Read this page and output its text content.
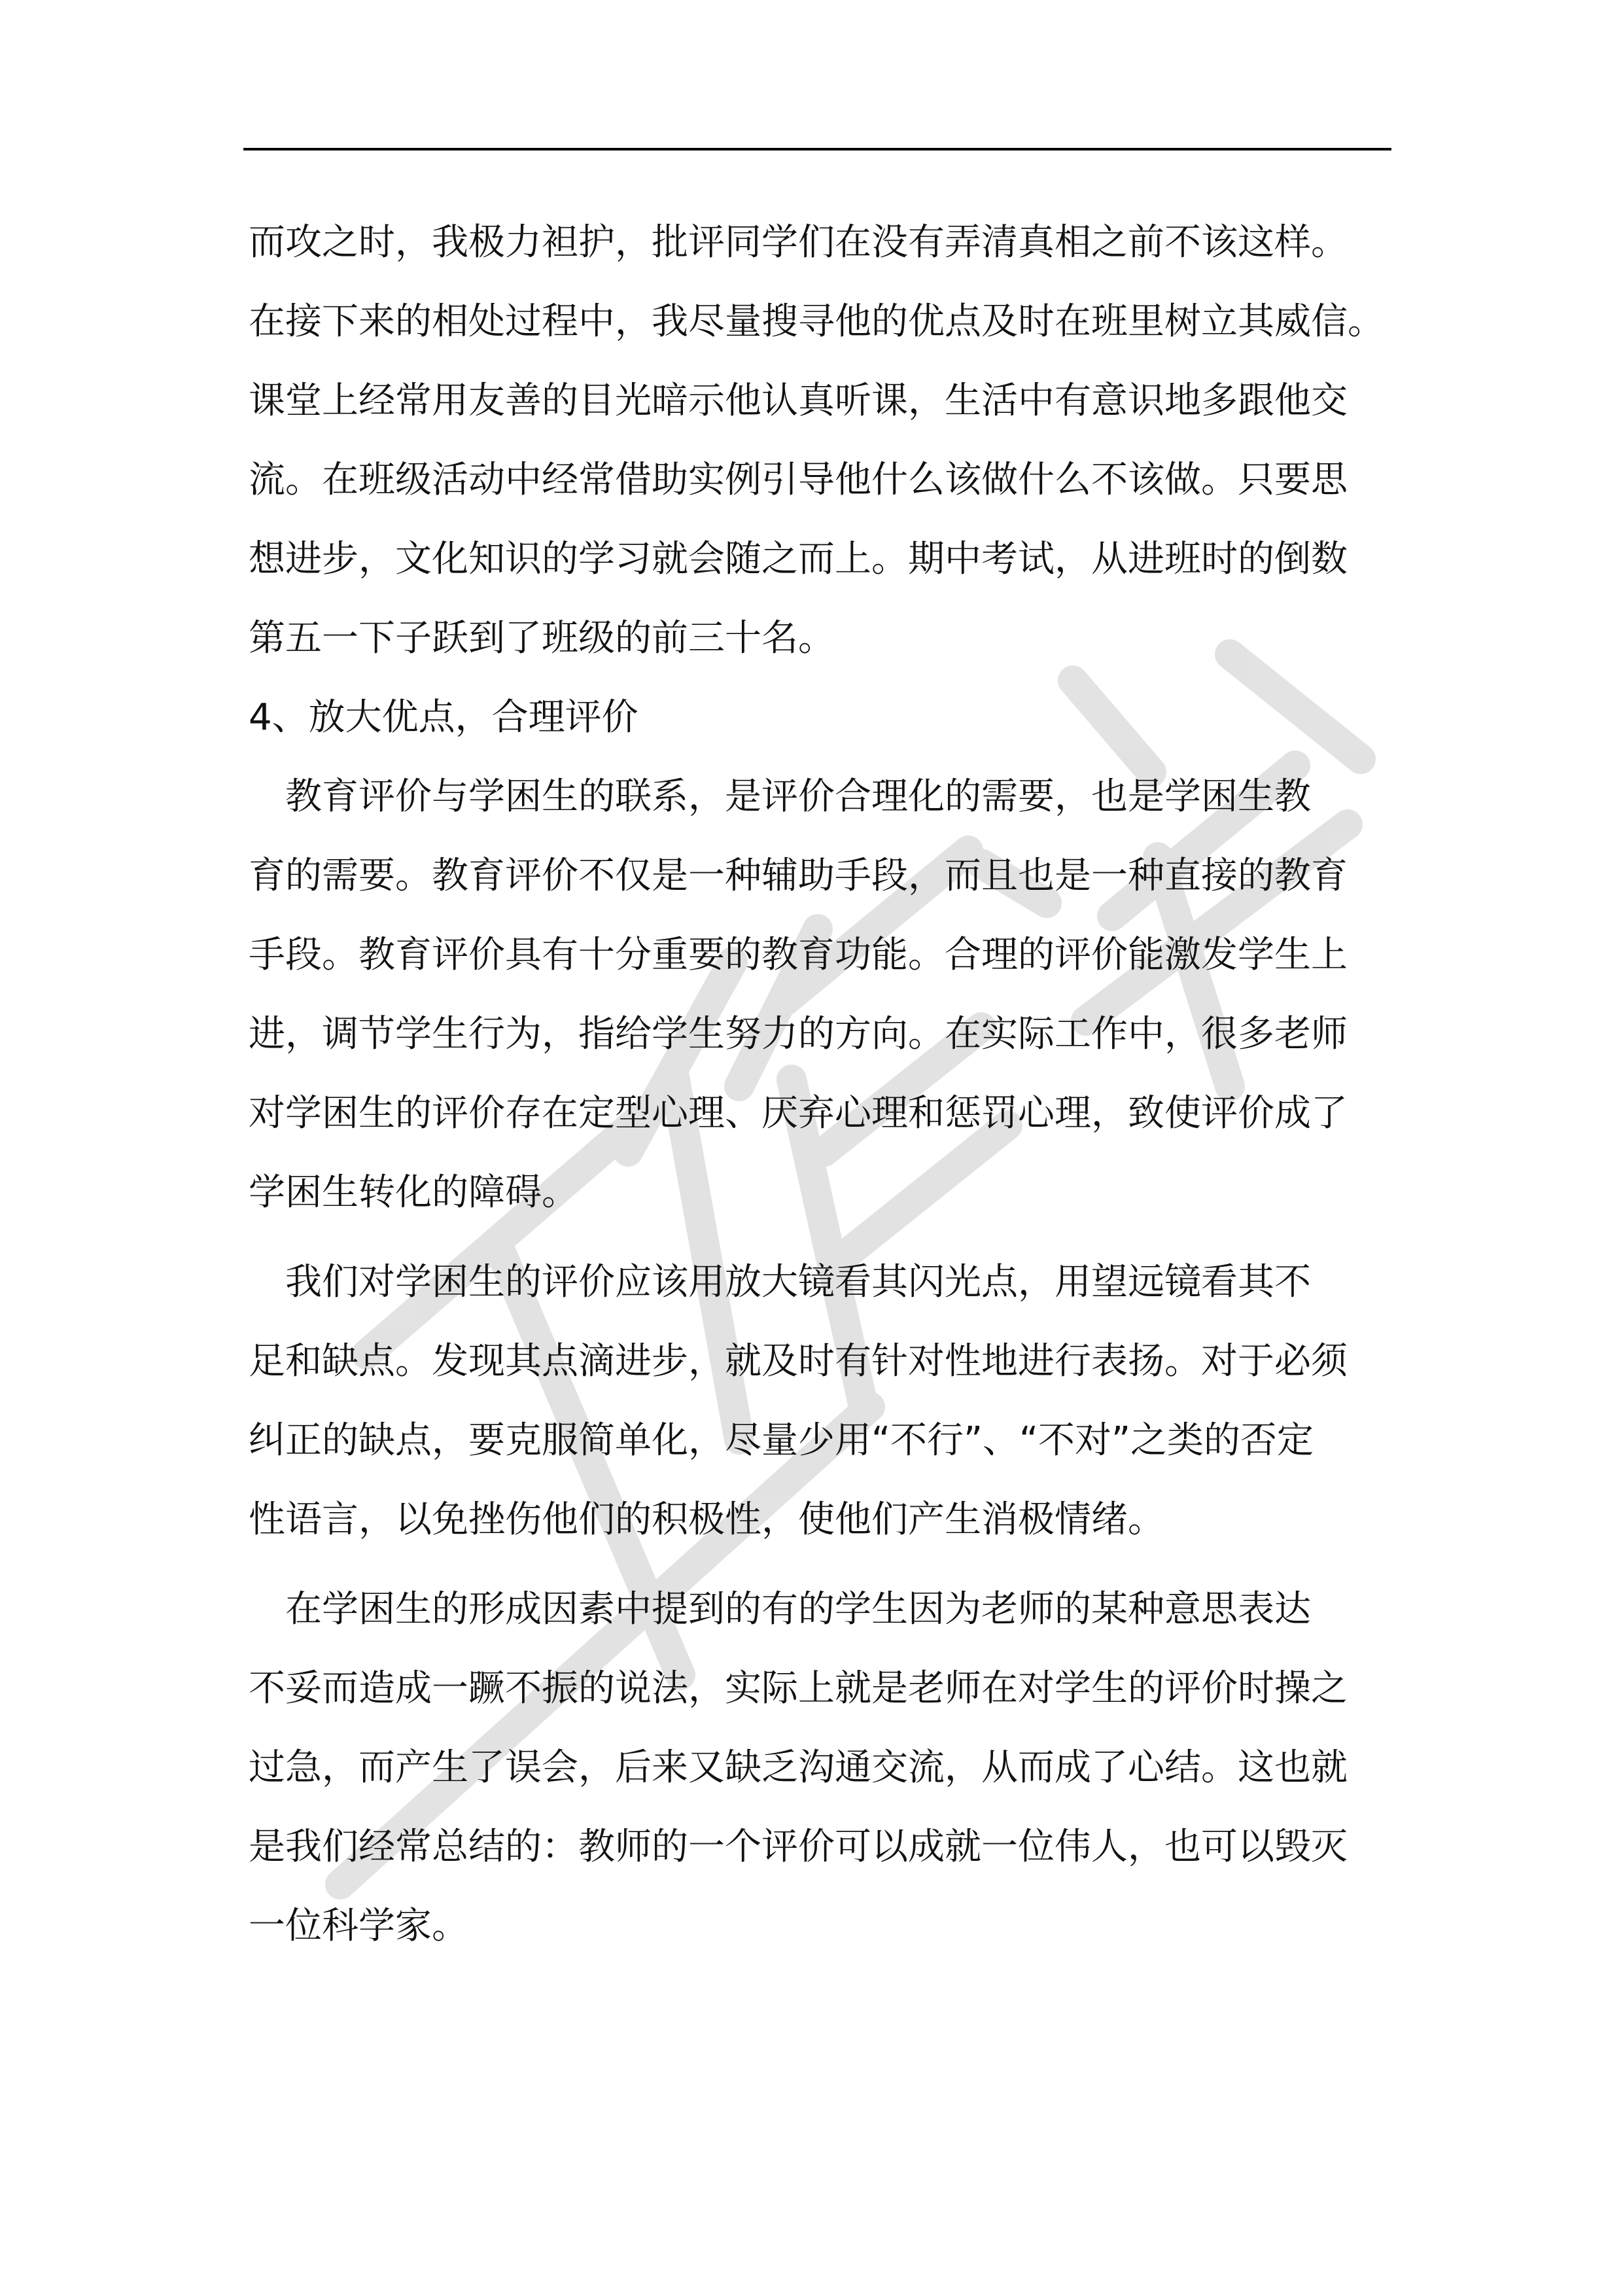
而攻之时，我极力袒护，批评同学们在没有弄清真相之前不该这样。
在接下来的相处过程中，我尽量搜寻他的优点及时在班里树立其威信。
课堂上经常用友善的目光暗示他认真听课，生活中有意识地多跟他交
流。在班级活动中经常借助实例引导他什么该做什么不该做。只要思
想进步，文化知识的学习就会随之而上。期中考试，从进班时的倒数
第五一下子跃到了班级的前三十名。
4、放大优点，合理评价
　教育评价与学困生的联系，是评价合理化的需要，也是学困生教
育的需要。教育评价不仅是一种辅助手段，而且也是一种直接的教育
手段。教育评价具有十分重要的教育功能。合理的评价能激发学生上
进，调节学生行为，指给学生努力的方向。在实际工作中，很多老师
对学困生的评价存在定型心理、厌弃心理和惩罚心理，致使评价成了
学困生转化的障碍。
　我们对学困生的评价应该用放大镜看其闪光点，用望远镜看其不
足和缺点。发现其点滴进步，就及时有针对性地进行表扬。对于必须
纠正的缺点，要克服简单化，尽量少用“不行”、“不对”之类的否定
性语言，以免挫伤他们的积极性，使他们产生消极情绪。
　在学困生的形成因素中提到的有的学生因为老师的某种意思表达
不妥而造成一蹶不振的说法，实际上就是老师在对学生的评价时操之
过急，而产生了误会，后来又缺乏沟通交流，从而成了心结。这也就
是我们经常总结的：教师的一个评价可以成就一位伟人，也可以毁灭
一位科学家。
